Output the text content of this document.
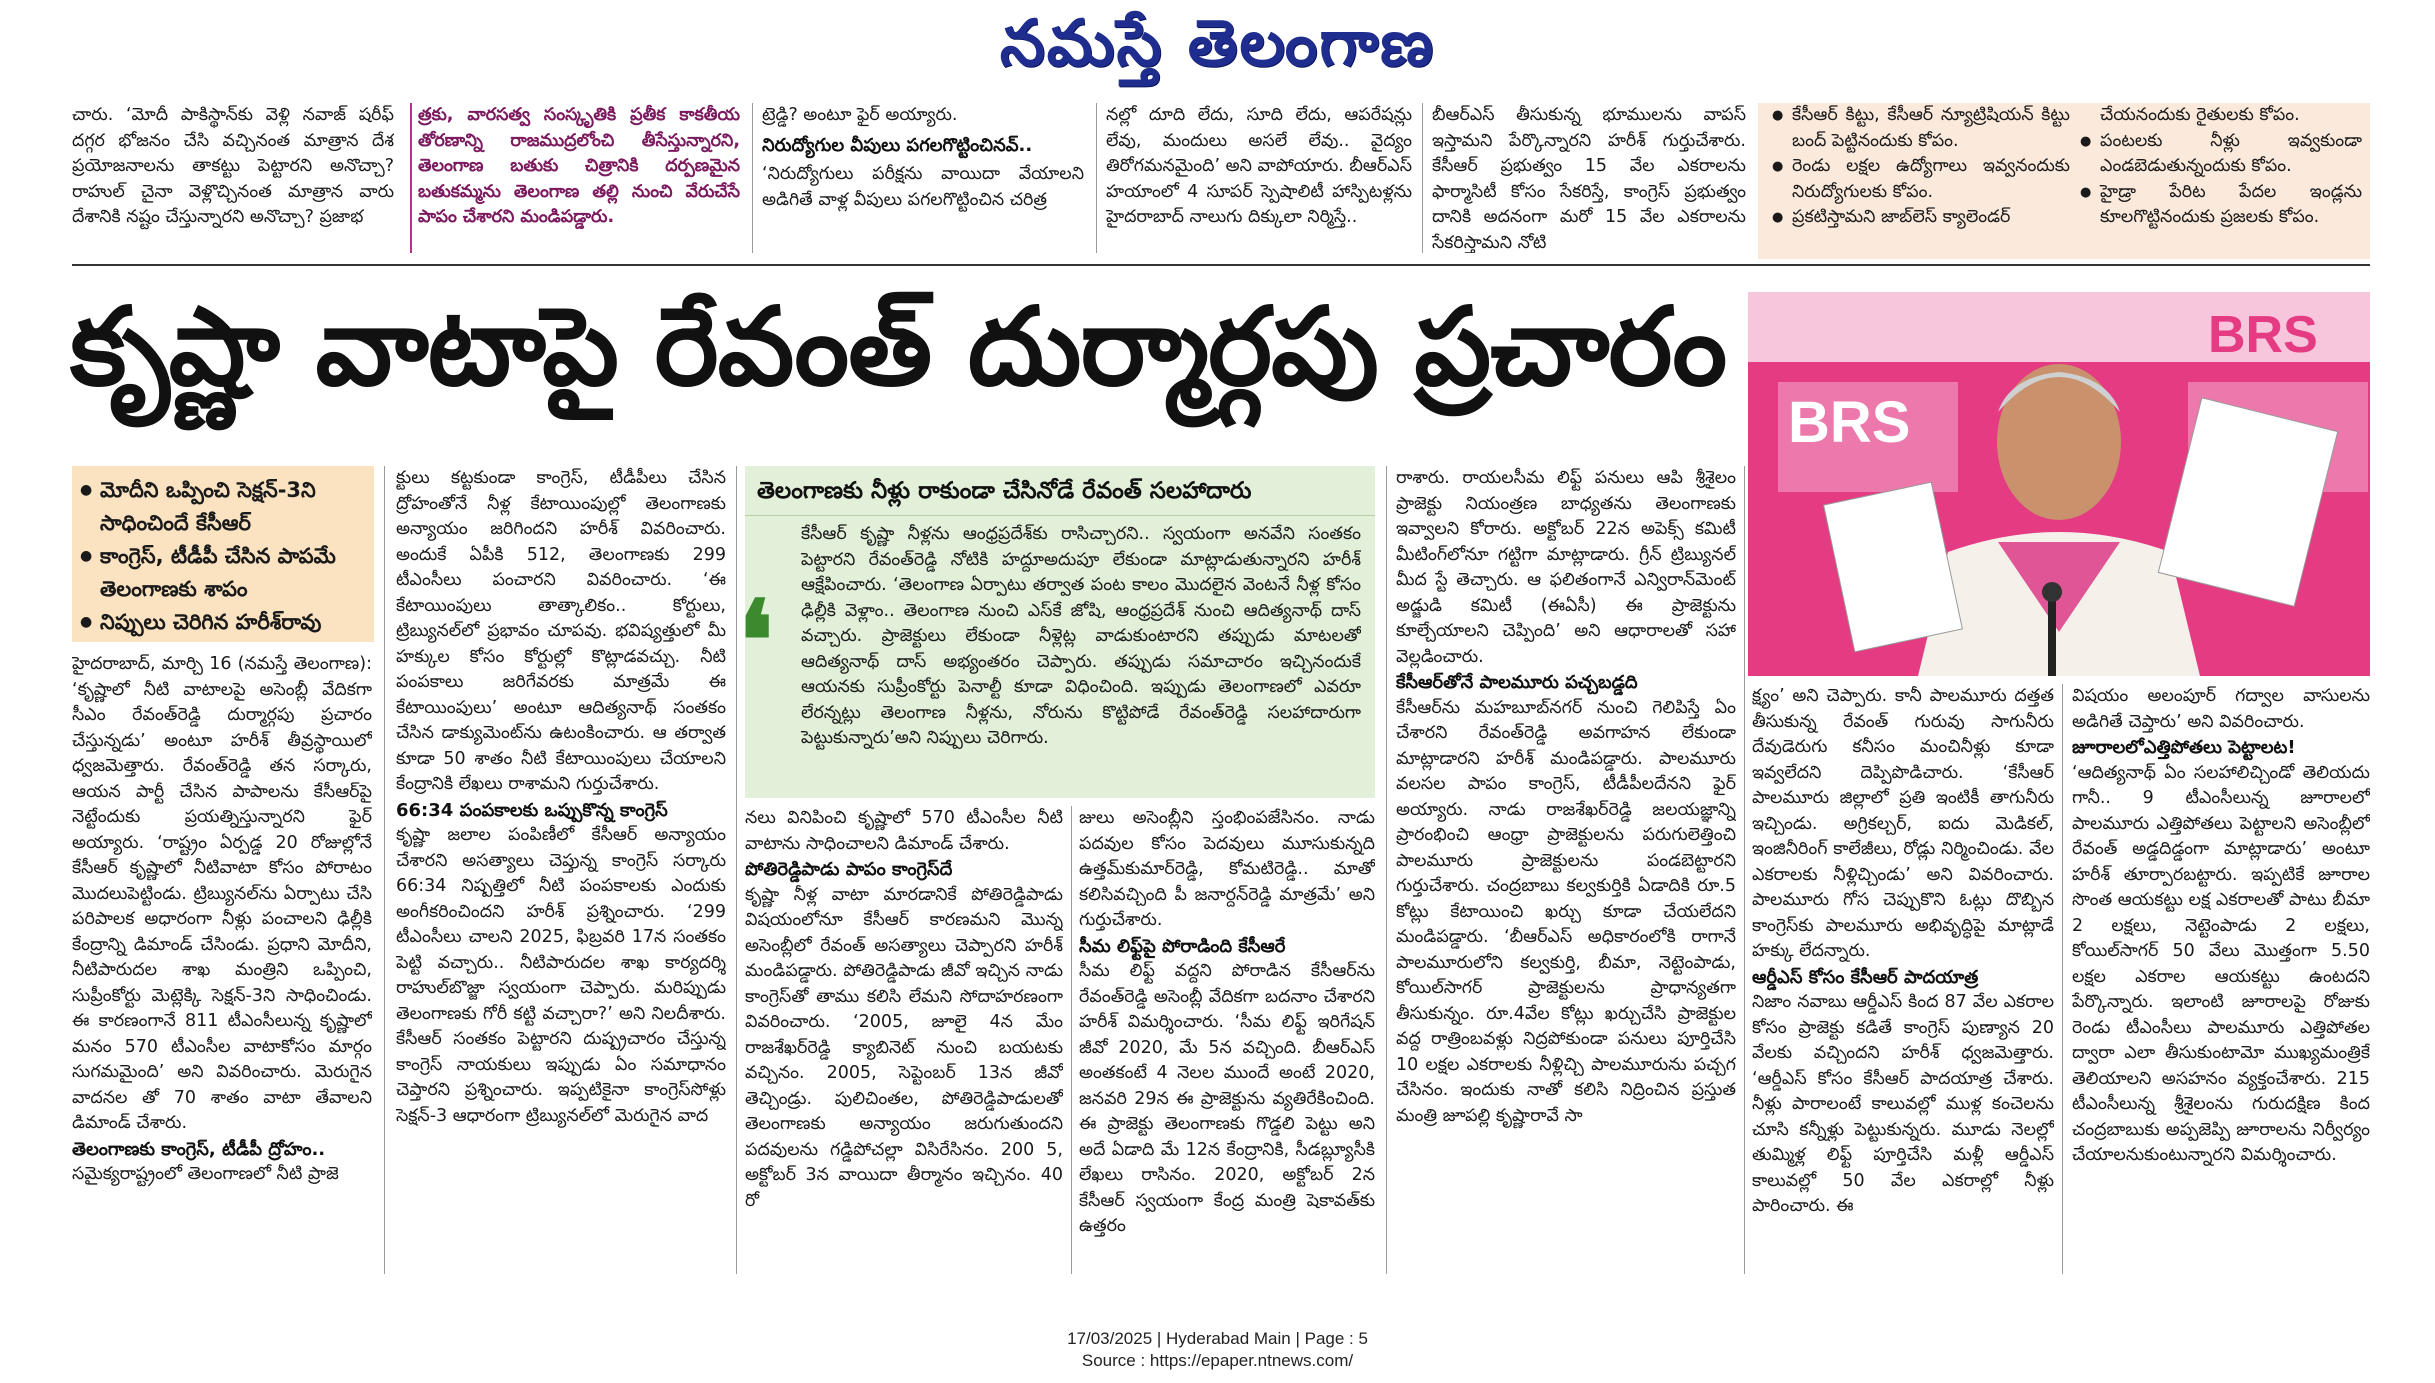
నమస్తే తెలంగాణ

చారు. ‘మోదీ పాకిస్థాన్‌కు వెళ్లి నవాజ్ షరీఫ్ దగ్గర భోజనం చేసి వచ్చినంత మాత్రాన దేశ ప్రయోజనాలను తాకట్టు పెట్టారని అనొచ్చా? రాహుల్ చైనా వెళ్లొచ్చినంత మాత్రాన వారు దేశానికి నష్టం చేస్తున్నారని అనొచ్చా? ప్రజాభ

త్రకు, వారసత్వ సంస్కృతికి ప్రతీక కాకతీయ తోరణాన్ని రాజముద్రలోంచి తీసేస్తున్నారని, తెలంగాణ బతుకు చిత్రానికి దర్పణమైన బతుకమ్మను తెలంగాణ తల్లి నుంచి వేరుచేసే పాపం చేశారని మండిపడ్డారు.

ట్రెడ్డి? అంటూ ఫైర్ అయ్యారు.

నిరుద్యోగుల వీపులు పగలగొట్టించినవ్..

‘నిరుద్యోగులు పరీక్షను వాయిదా వేయాలని అడిగితే వాళ్ల వీపులు పగలగొట్టించిన చరిత్ర

నల్లో దూది లేదు, సూది లేదు, ఆపరేషన్లు లేవు, మందులు అసలే లేవు.. వైద్యం తిరోగమనమైంది’ అని వాపోయారు. బీఆర్‌ఎస్ హయాంలో 4 సూపర్ స్పెషాలిటీ హాస్పిటళ్లను హైదరాబాద్ నాలుగు దిక్కులా నిర్మిస్తే..

బీఆర్‌ఎస్ తీసుకున్న భూములను వాపస్ ఇస్తామని పేర్కొన్నారని హరీశ్ గుర్తుచేశారు. కేసీఆర్ ప్రభుత్వం 15 వేల ఎకరాలను ఫార్మాసిటీ కోసం సేకరిస్తే, కాంగ్రెస్ ప్రభుత్వం దానికి అదనంగా మరో 15 వేల ఎకరాలను సేకరిస్తామని నోటి

● కేసీఆర్ కిట్టు, కేసీఆర్ న్యూట్రిషియన్ కిట్టు బంద్ పెట్టినందుకు కోపం.
● రెండు లక్షల ఉద్యోగాలు ఇవ్వనందుకు నిరుద్యోగులకు కోపం.
● ప్రకటిస్తామని జాబ్‌లెస్ క్యాలెండర్

చేయనందుకు రైతులకు కోపం.

● పంటలకు నీళ్లు ఇవ్వకుండా ఎండబెడుతున్నందుకు కోపం.
● హైడ్రా పేరిట పేదల ఇండ్లను కూలగొట్టినందుకు ప్రజలకు కోపం.
కృష్ణా వాటాపై రేవంత్ దుర్మార్గపు ప్రచారం
BRS
BRS
● మోదీని ఒప్పించి సెక్షన్-3ని సాధించిందే కేసీఆర్
● కాంగ్రెస్, టీడీపీ చేసిన పాపమే తెలంగాణకు శాపం
● నిప్పులు చెరిగిన హరీశ్‌రావు

హైదరాబాద్, మార్చి 16 (నమస్తే తెలంగాణ): ‘కృష్ణాలో నీటి వాటాలపై అసెంబ్లీ వేదికగా సీఎం రేవంత్‌రెడ్డి దుర్మార్గపు ప్రచారం చేస్తున్నడు’ అంటూ హరీశ్ తీవ్రస్థాయిలో ధ్వజమెత్తారు. రేవంత్‌రెడ్డి తన సర్కారు, ఆయన పార్టీ చేసిన పాపాలను కేసీఆర్‌పై నెట్టేందుకు ప్రయత్నిస్తున్నారని ఫైర్ అయ్యారు. ‘రాష్ట్రం ఏర్పడ్డ 20 రోజుల్లోనే కేసీఆర్ కృష్ణాలో నీటివాటా కోసం పోరాటం మొదలుపెట్టిండు. ట్రిబ్యునల్‌ను ఏర్పాటు చేసి పరిపాలక అధారంగా నీళ్లు పంచాలని ఢిల్లీకి కేంద్రాన్ని డిమాండ్ చేసిండు. ప్రధాని మోదీని, నీటిపారుదల శాఖ మంత్రిని ఒప్పించి, సుప్రీంకోర్టు మెట్లెక్కి సెక్షన్-3ని సాధించిండు. ఈ కారణంగానే 811 టీఎంసీలున్న కృష్ణాలో మనం 570 టీఎంసీల వాటాకోసం మార్గం సుగమమైంది’ అని వివరించారు. మెరుగైన వాదనల తో 70 శాతం వాటా తేవాలని డిమాండ్ చేశారు.

తెలంగాణకు కాంగ్రెస్, టీడీపీ ద్రోహం..

సమైక్యరాష్ట్రంలో తెలంగాణలో నీటి ప్రాజె

క్టులు కట్టకుండా కాంగ్రెస్, టీడీపీలు చేసిన ద్రోహంతోనే నీళ్ల కేటాయింపుల్లో తెలంగాణకు అన్యాయం జరిగిందని హరీశ్ వివరించారు. అందుకే ఏపీకి 512, తెలంగాణకు 299 టీఎంసీలు పంచారని వివరించారు. ‘ఈ కేటాయింపులు తాత్కాలికం.. కోర్టులు, ట్రిబ్యునల్‌లో ప్రభావం చూపవు. భవిష్యత్తులో మీ హక్కుల కోసం కోర్టుల్లో కొట్లాడవచ్చు. నీటి పంపకాలు జరిగేవరకు మాత్రమే ఈ కేటాయింపులు’ అంటూ ఆదిత్యనాథ్ సంతకం చేసిన డాక్యుమెంట్‌ను ఉటంకించారు. ఆ తర్వాత కూడా 50 శాతం నీటి కేటాయింపులు చేయాలని కేంద్రానికి లేఖలు రాశామని గుర్తుచేశారు.

66:34 పంపకాలకు ఒప్పుకొన్న కాంగ్రెస్

కృష్ణా జలాల పంపిణీలో కేసీఆర్ అన్యాయం చేశారని అసత్యాలు చెప్తున్న కాంగ్రెస్ సర్కారు 66:34 నిష్పత్తిలో నీటి పంపకాలకు ఎందుకు అంగీకరించిందని హరీశ్ ప్రశ్నించారు. ‘299 టీఎంసీలు చాలని 2025, ఫిబ్రవరి 17న సంతకం పెట్టి వచ్చారు.. నీటిపారుదల శాఖ కార్యదర్శి రాహుల్‌బొజ్జా స్వయంగా చెప్పారు. మరిప్పుడు తెలంగాణకు గోరీ కట్టి వచ్చారా?’ అని నిలదీశారు. కేసీఆర్ సంతకం పెట్టారని దుష్ప్రచారం చేస్తున్న కాంగ్రెస్ నాయకులు ఇప్పుడు ఏం సమాధానం చెప్తారని ప్రశ్నించారు. ఇప్పటికైనా కాంగ్రెస్‌సోళ్లు సెక్షన్-3 ఆధారంగా ట్రిబ్యునల్‌లో మెరుగైన వాద

తెలంగాణకు నీళ్లు రాకుండా చేసినోడే రేవంత్ సలహాదారు

కేసీఆర్ కృష్ణా నీళ్లను ఆంధ్రప్రదేశ్‌కు రాసిచ్చారని.. స్వయంగా అనవేని సంతకం పెట్టారని రేవంత్‌రెడ్డి నోటికి హద్దూఅదుపూ లేకుండా మాట్లాడుతున్నారని హరీశ్ ఆక్షేపించారు. ‘తెలంగాణ ఏర్పాటు తర్వాత పంట కాలం మొదలైన వెంటనే నీళ్ల కోసం ఢిల్లీకి వెళ్లాం.. తెలంగాణ నుంచి ఎస్‌కే జోషి, ఆంధ్రప్రదేశ్ నుంచి ఆదిత్యనాథ్ దాస్ వచ్చారు. ప్రాజెక్టులు లేకుండా నీళ్లెట్ల వాడుకుంటారని తప్పుడు మాటలతో ఆదిత్యనాథ్ దాస్ అభ్యంతరం చెప్పారు. తప్పుడు సమాచారం ఇచ్చినందుకే ఆయనకు సుప్రీంకోర్టు పెనాల్టీ కూడా విధించింది. ఇప్పుడు తెలంగాణలో ఎవరూ లేరన్నట్లు తెలంగాణ నీళ్లను, నోరును కొట్టిపోడే రేవంత్‌రెడ్డి సలహాదారుగా పెట్టుకున్నారు’అని నిప్పులు చెరిగారు.

❛

నలు వినిపించి కృష్ణాలో 570 టీఎంసీల నీటి వాటాను సాధించాలని డిమాండ్ చేశారు.

పోతిరెడ్డిపాడు పాపం కాంగ్రెస్‌దే

కృష్ణా నీళ్ల వాటా మారడానికే పోతిరెడ్డిపాడు విషయంలోనూ కేసీఆర్ కారణమని మొన్న అసెంబ్లీలో రేవంత్ అసత్యాలు చెప్పారని హరీశ్ మండిపడ్డారు. పోతిరెడ్డిపాడు జీవో ఇచ్చిన నాడు కాంగ్రెస్‌తో తాము కలిసి లేమని సోదాహరణంగా వివరించారు. ‘2005, జూలై 4న మేం రాజశేఖర్‌రెడ్డి క్యాబినెట్ నుంచి బయటకు వచ్చినం. 2005, సెప్టెంబర్ 13న జీవో తెచ్చిండ్రు. పులిచింతల, పోతిరెడ్డిపాడులతో తెలంగాణకు అన్యాయం జరుగుతుందని పదవులను గడ్డిపోచల్లా విసిరేసినం. 200 5, అక్టోబర్ 3న వాయిదా తీర్మానం ఇచ్చినం. 40 రో

జులు అసెంబ్లీని స్తంభింపజేసినం. నాడు పదవుల కోసం పెదవులు మూసుకున్నది ఉత్తమ్‌కుమార్‌రెడ్డి, కోమటిరెడ్డి.. మాతో కలిసివచ్చింది పీ జనార్దన్‌రెడ్డి మాత్రమే’ అని గుర్తుచేశారు.

సీమ లిఫ్ట్‌పై పోరాడింది కేసీఆరే

సీమ లిఫ్ట్ వద్దని పోరాడిన కేసీఆర్‌ను రేవంత్‌రెడ్డి అసెంబ్లీ వేదికగా బదనాం చేశారని హరీశ్ విమర్శించారు. ‘సీమ లిఫ్ట్ ఇరిగేషన్ జీవో 2020, మే 5న వచ్చింది. బీఆర్‌ఎస్ అంతకంటే 4 నెలల ముందే అంటే 2020, జనవరి 29న ఈ ప్రాజెక్టును వ్యతిరేకించింది. ఈ ప్రాజెక్టు తెలంగాణకు గొడ్డలి పెట్టు అని అదే ఏడాది మే 12న కేంద్రానికి, సీడబ్ల్యూసీకి లేఖలు రాసినం. 2020, అక్టోబర్ 2న కేసీఆర్ స్వయంగా కేంద్ర మంత్రి షెకావత్‌కు ఉత్తరం

రాశారు. రాయలసీమ లిఫ్ట్ పనులు ఆపి శ్రీశైలం ప్రాజెక్టు నియంత్రణ బాధ్యతను తెలంగాణకు ఇవ్వాలని కోరారు. అక్టోబర్ 22న అపెక్స్ కమిటీ మీటింగ్‌లోనూ గట్టిగా మాట్లాడారు. గ్రీన్ ట్రిబ్యునల్ మీద స్టే తెచ్చారు. ఆ ఫలితంగానే ఎన్విరాన్‌మెంట్ అడ్జుడి కమిటీ (ఈఏసీ) ఈ ప్రాజెక్టును కూల్చేయాలని చెప్పింది’ అని ఆధారాలతో సహా వెల్లడించారు.

కేసీఆర్‌తోనే పాలమూరు పచ్చబడ్డది

కేసీఆర్‌ను మహబూబ్‌నగర్ నుంచి గెలిపిస్తే ఏం చేశారని రేవంత్‌రెడ్డి అవగాహన లేకుండా మాట్లాడారని హరీశ్ మండిపడ్డారు. పాలమూరు వలసల పాపం కాంగ్రెస్, టీడీపీలదేనని ఫైర్ అయ్యారు. నాడు రాజశేఖర్‌రెడ్డి జలయజ్ఞాన్ని ప్రారంభించి ఆంధ్రా ప్రాజెక్టులను పరుగులెత్తించి పాలమూరు ప్రాజెక్టులను పండబెట్టారని గుర్తుచేశారు. చంద్రబాబు కల్వకుర్తికి ఏడాదికి రూ.5 కోట్లు కేటాయించి ఖర్చు కూడా చేయలేదని మండిపడ్డారు. ‘బీఆర్‌ఎస్ అధికారంలోకి రాగానే పాలమూరులోని కల్వకుర్తి, బీమా, నెట్టెంపాడు, కోయిల్‌సాగర్ ప్రాజెక్టులను ప్రాధాన్యతగా తీసుకున్నం. రూ.4వేల కోట్లు ఖర్చుచేసి ప్రాజెక్టుల వద్ద రాత్రింబవళ్లు నిద్రపోకుండా పనులు పూర్తిచేసి 10 లక్షల ఎకరాలకు నీళ్లిచ్చి పాలమూరును పచ్చగ చేసినం. ఇందుకు నాతో కలిసి నిద్రించిన ప్రస్తుత మంత్రి జూపల్లి కృష్ణారావే సా

క్ష్యం’ అని చెప్పారు. కానీ పాలమూరు దత్తత తీసుకున్న రేవంత్ గురువు సాగునీరు దేవుడెరుగు కనీసం మంచినీళ్లు కూడా ఇవ్వలేదని దెప్పిపొడిచారు. ‘కేసీఆర్ పాలమూరు జిల్లాలో ప్రతి ఇంటికీ తాగునీరు ఇచ్చిండు. అగ్రికల్చర్, ఐదు మెడికల్, ఇంజినీరింగ్ కాలేజీలు, రోడ్లు నిర్మించిండు. వేల ఎకరాలకు నీళ్లిచ్చిండు’ అని వివరించారు. పాలమూరు గోస చెప్పుకొని ఓట్లు దొబ్బిన కాంగ్రెస్‌కు పాలమూరు అభివృద్ధిపై మాట్లాడే హక్కు లేదన్నారు.

ఆర్డీఎస్ కోసం కేసీఆర్ పాదయాత్ర

నిజాం నవాబు ఆర్డీఎస్ కింద 87 వేల ఎకరాల కోసం ప్రాజెక్టు కడితే కాంగ్రెస్ పుణ్యాన 20 వేలకు వచ్చిందని హరీశ్ ధ్వజమెత్తారు. ‘ఆర్డీఎస్ కోసం కేసీఆర్ పాదయాత్ర చేశారు. నీళ్లు పారాలంటే కాలువల్లో ముళ్ల కంచెలను చూసి కన్నీళ్లు పెట్టుకున్నరు. మూడు నెలల్లో తుమ్మిళ్ల లిఫ్ట్ పూర్తిచేసి మళ్లీ ఆర్డీఎస్ కాలువల్లో 50 వేల ఎకరాల్లో నీళ్లు పారించారు. ఈ

విషయం అలంపూర్ గద్వాల వాసులను అడిగితే చెప్తారు’ అని వివరించారు.

జూరాలలోఎత్తిపోతలు పెట్టాలట!

‘ఆదిత్యనాథ్ ఏం సలహాలిచ్చిండో తెలియదు గానీ.. 9 టీఎంసీలున్న జూరాలలో పాలమూరు ఎత్తిపోతలు పెట్టాలని అసెంబ్లీలో రేవంత్ అడ్డదిడ్డంగా మాట్లాడారు’ అంటూ హరీశ్ తూర్పారబట్టారు. ఇప్పటికే జూరాల సొంత ఆయకట్టు లక్ష ఎకరాలతో పాటు బీమా 2 లక్షలు, నెట్టెంపాడు 2 లక్షలు, కోయిల్‌సాగర్ 50 వేలు మొత్తంగా 5.50 లక్షల ఎకరాల ఆయకట్టు ఉంటదని పేర్కొన్నారు. ఇలాంటి జూరాలపై రోజుకు రెండు టీఎంసీలు పాలమూరు ఎత్తిపోతల ద్వారా ఎలా తీసుకుంటామో ముఖ్యమంత్రికే తెలియాలని అసహనం వ్యక్తంచేశారు. 215 టీఎంసీలున్న శ్రీశైలంను గురుదక్షిణ కింద చంద్రబాబుకు అప్పజెప్పి జూరాలను నిర్వీర్యం చేయాలనుకుంటున్నారని విమర్శించారు.

17/03/2025 | Hyderabad Main | Page : 5
Source : https://epaper.ntnews.com/
